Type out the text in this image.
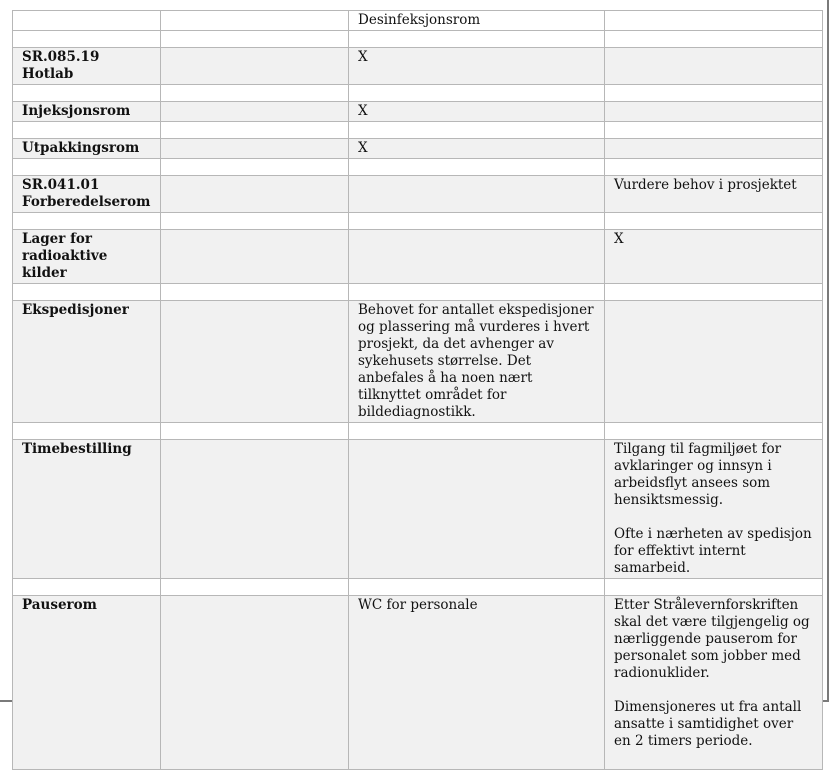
		Desinfeksjonsrom	

SR.085.19 Hotlab		X	

Injeksjonsrom		X	

Utpakkingsrom		X	

SR.041.01
Forberedelserom			Vurdere behov i prosjektet

Lager for
radioaktive kilder			X

Ekspedisjoner		Behovet for antallet ekspedisjoner og plassering må vurderes i hvert prosjekt, da det avhenger av sykehusets størrelse. Det anbefales å ha noen nært tilknyttet området for bildediagnostikk.	

Timebestilling			Tilgang til fagmiljøet for avklaringer og innsyn i arbeidsflyt ansees som hensiktsmessig.
Ofte i nærheten av spedisjon for effektivt internt samarbeid.

Pauserom		WC for personale	Etter Strålevernforskriften skal det være tilgjengelig og nærliggende pauserom for personalet som jobber med radionuklider.
Dimensjoneres ut fra antall ansatte i samtidighet over en 2 timers periode.
